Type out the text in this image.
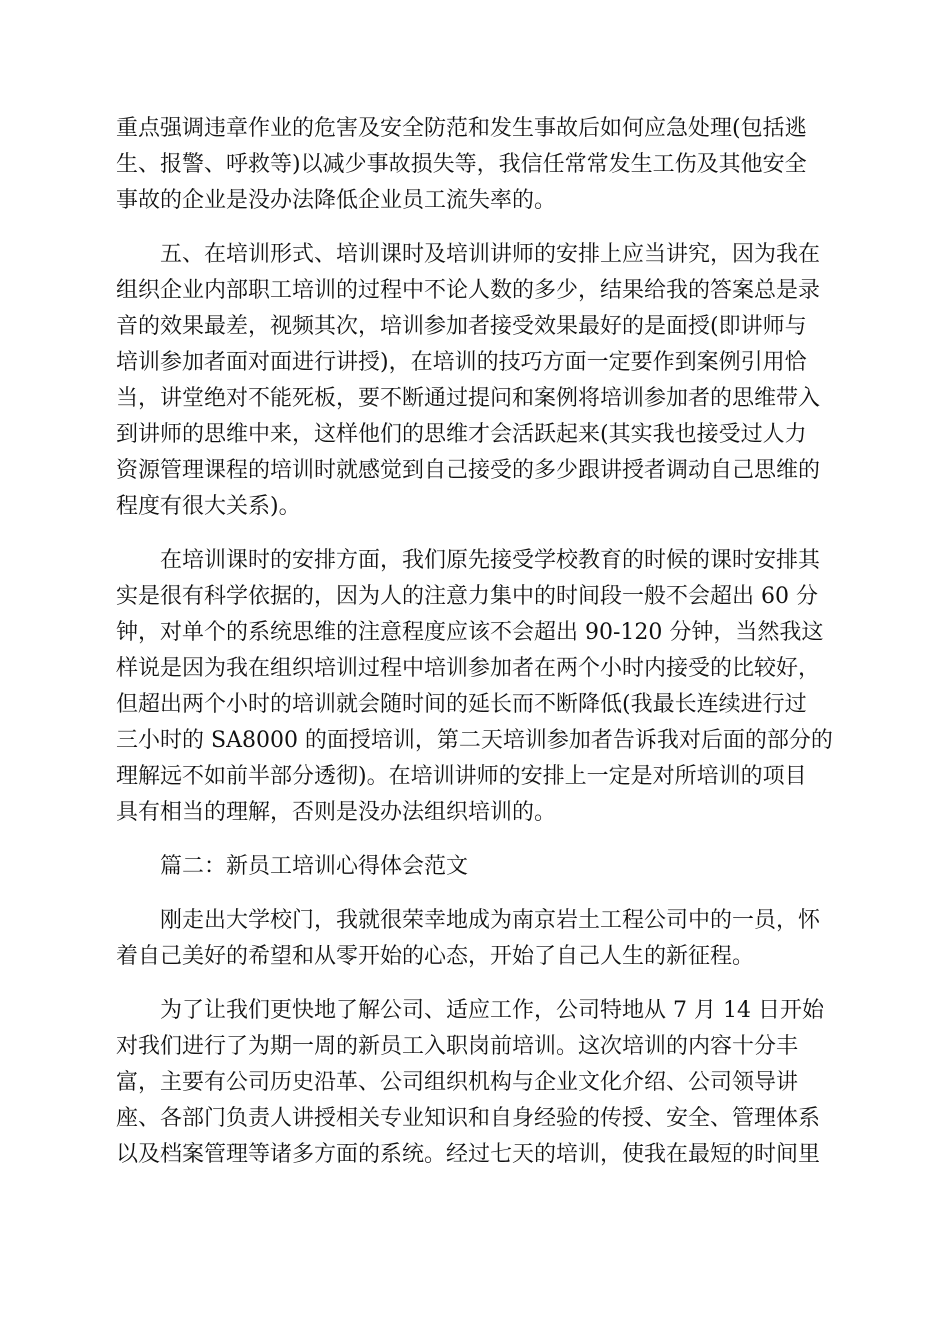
重点强调违章作业的危害及安全防范和发生事故后如何应急处理(包括逃
生、报警、呼救等)以减少事故损失等，我信任常常发生工伤及其他安全
事故的企业是没办法降低企业员工流失率的。
五、在培训形式、培训课时及培训讲师的安排上应当讲究，因为我在
组织企业内部职工培训的过程中不论人数的多少，结果给我的答案总是录
音的效果最差，视频其次，培训参加者接受效果最好的是面授(即讲师与
培训参加者面对面进行讲授)，在培训的技巧方面一定要作到案例引用恰
当，讲堂绝对不能死板，要不断通过提问和案例将培训参加者的思维带入
到讲师的思维中来，这样他们的思维才会活跃起来(其实我也接受过人力
资源管理课程的培训时就感觉到自己接受的多少跟讲授者调动自己思维的
程度有很大关系)。
在培训课时的安排方面，我们原先接受学校教育的时候的课时安排其
实是很有科学依据的，因为人的注意力集中的时间段一般不会超出 60 分
钟，对单个的系统思维的注意程度应该不会超出 90-120 分钟，当然我这
样说是因为我在组织培训过程中培训参加者在两个小时内接受的比较好，
但超出两个小时的培训就会随时间的延长而不断降低(我最长连续进行过
三小时的 SA8000 的面授培训，第二天培训参加者告诉我对后面的部分的
理解远不如前半部分透彻)。在培训讲师的安排上一定是对所培训的项目
具有相当的理解，否则是没办法组织培训的。
篇二：新员工培训心得体会范文
刚走出大学校门，我就很荣幸地成为南京岩土工程公司中的一员，怀
着自己美好的希望和从零开始的心态，开始了自己人生的新征程。
为了让我们更快地了解公司、适应工作，公司特地从 7 月 14 日开始
对我们进行了为期一周的新员工入职岗前培训。这次培训的内容十分丰
富，主要有公司历史沿革、公司组织机构与企业文化介绍、公司领导讲
座、各部门负责人讲授相关专业知识和自身经验的传授、安全、管理体系
以及档案管理等诸多方面的系统。经过七天的培训，使我在最短的时间里
